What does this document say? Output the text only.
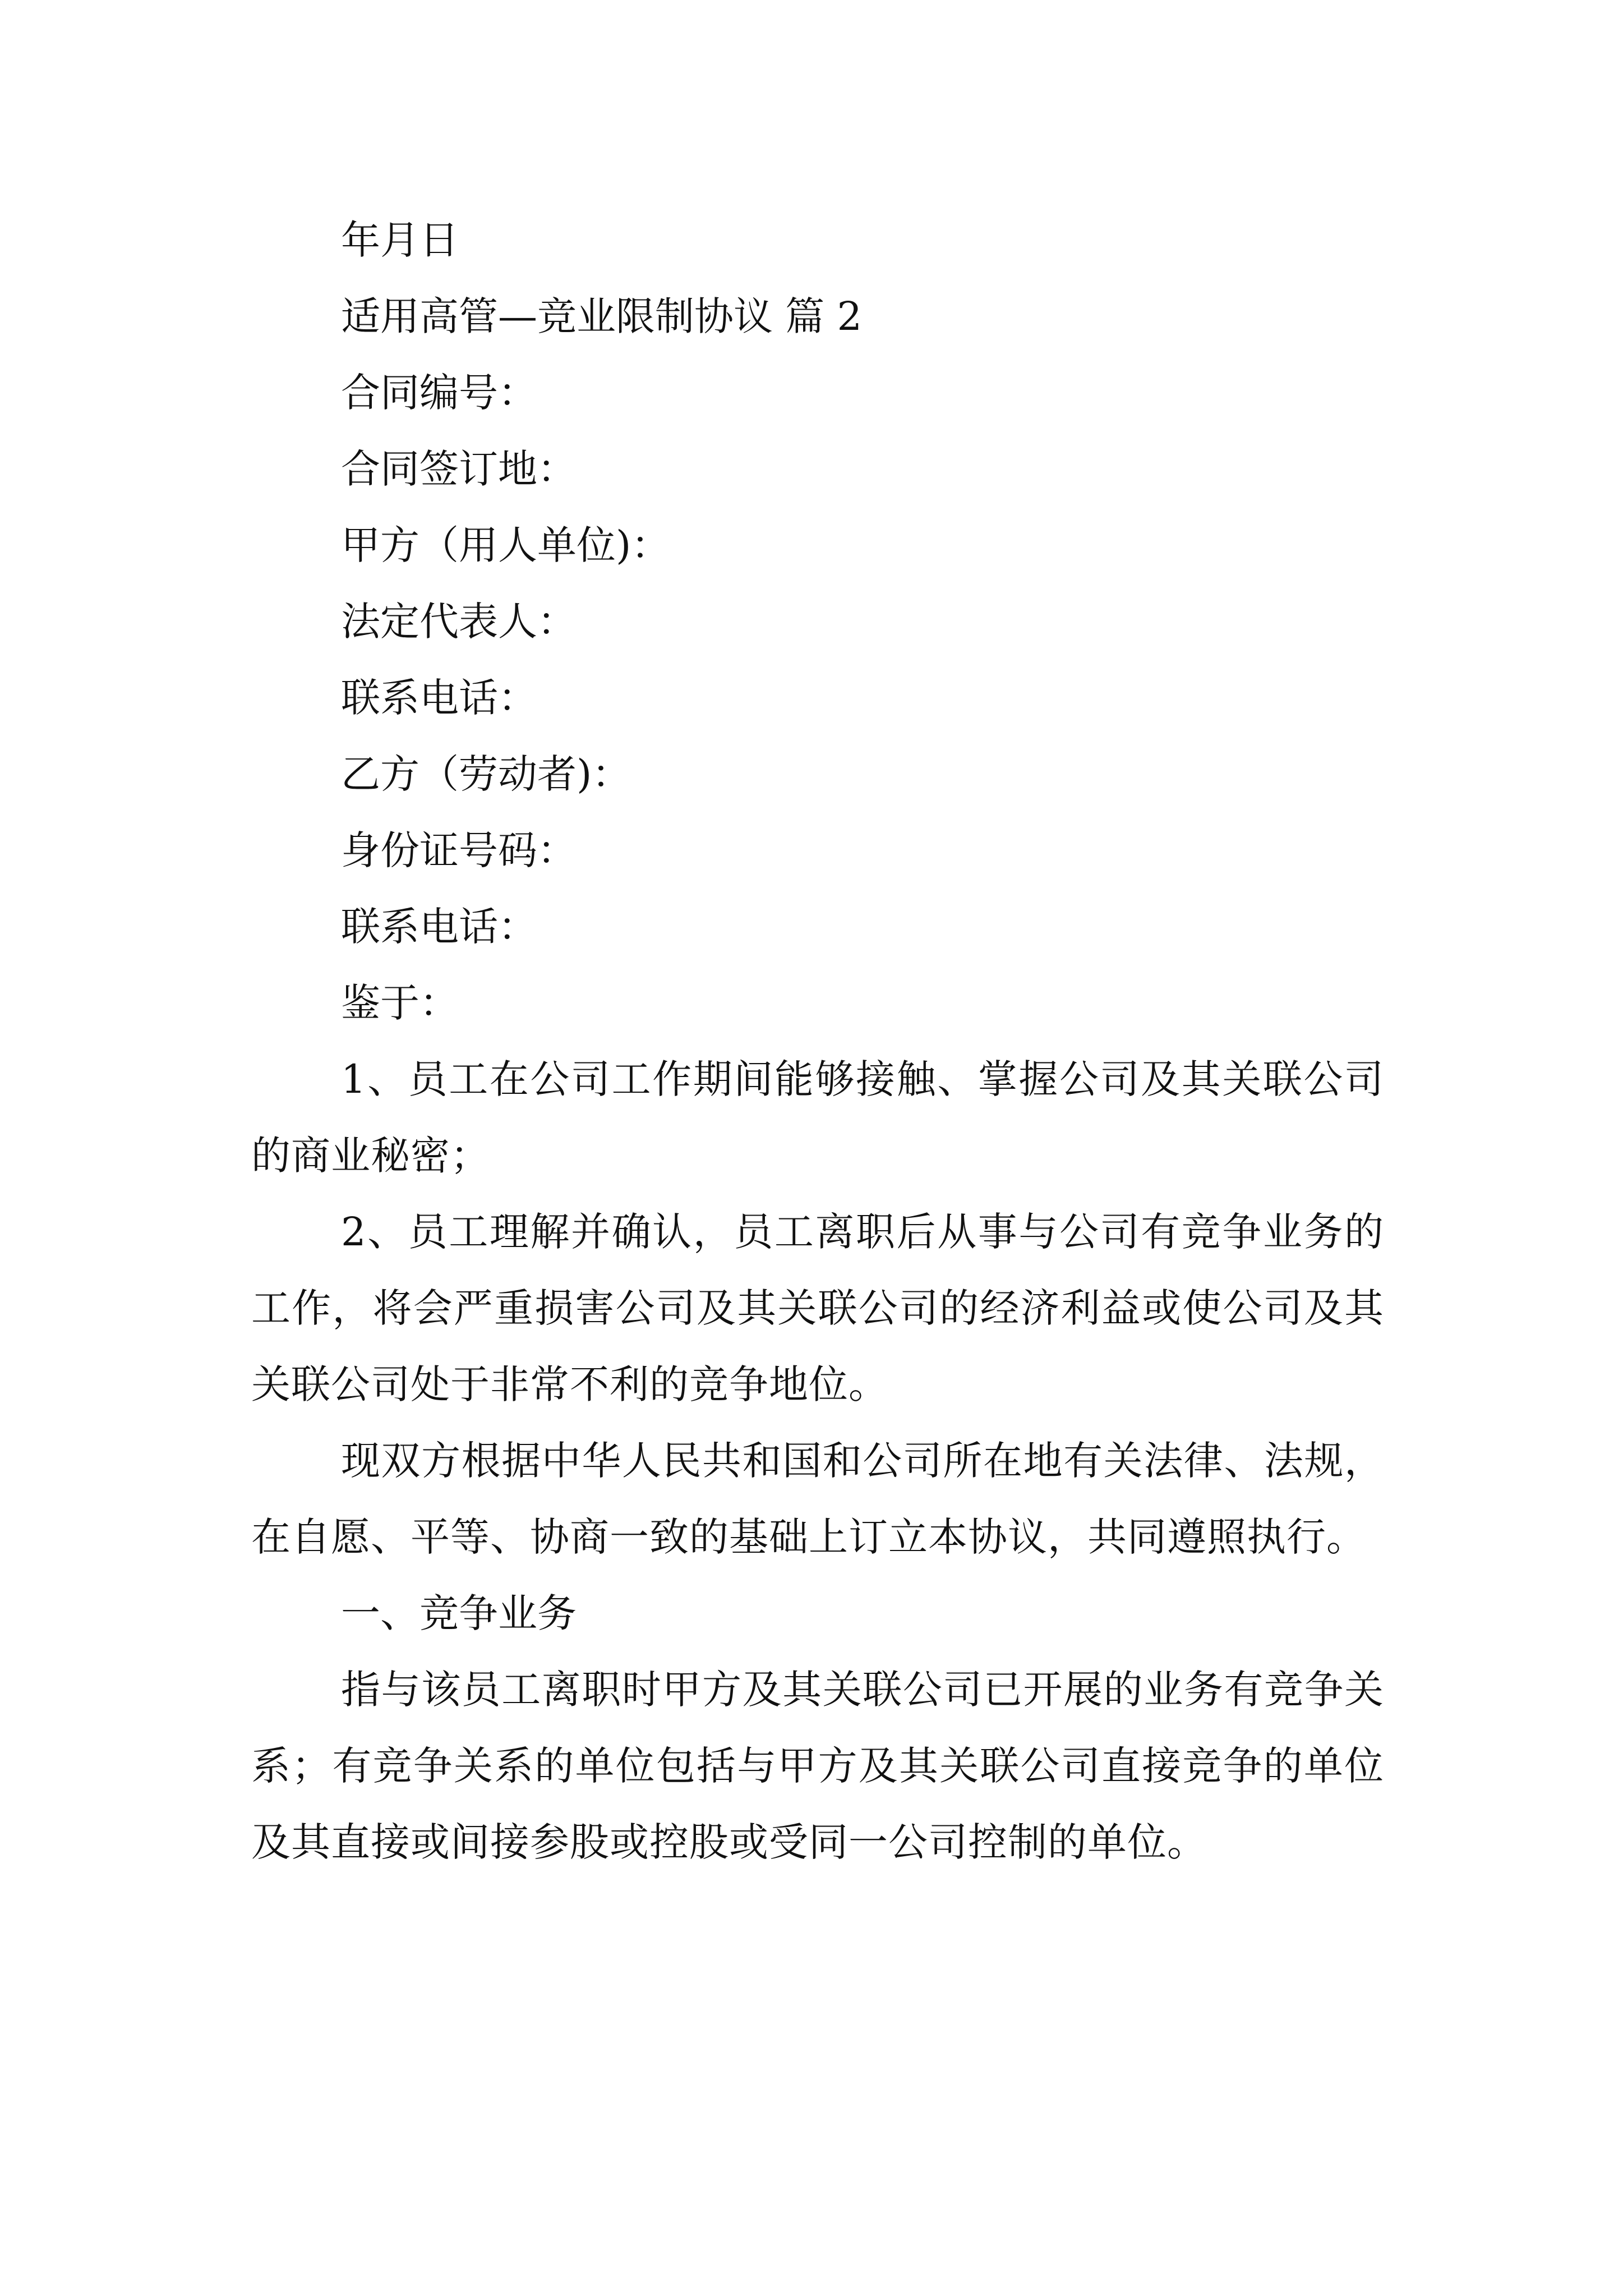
年月日

适用高管—竞业限制协议 篇 2

合同编号：

合同签订地：

甲方（用人单位)：

法定代表人：

联系电话：

乙方（劳动者)：

身份证号码：

联系电话：

鉴于：

1、员工在公司工作期间能够接触、掌握公司及其关联公司的商业秘密；

2、员工理解并确认，员工离职后从事与公司有竞争业务的工作，将会严重损害公司及其关联公司的经济利益或使公司及其关联公司处于非常不利的竞争地位。

现双方根据中华人民共和国和公司所在地有关法律、法规，在自愿、平等、协商一致的基础上订立本协议，共同遵照执行。

一、竞争业务

指与该员工离职时甲方及其关联公司已开展的业务有竞争关系；有竞争关系的单位包括与甲方及其关联公司直接竞争的单位及其直接或间接参股或控股或受同一公司控制的单位。
